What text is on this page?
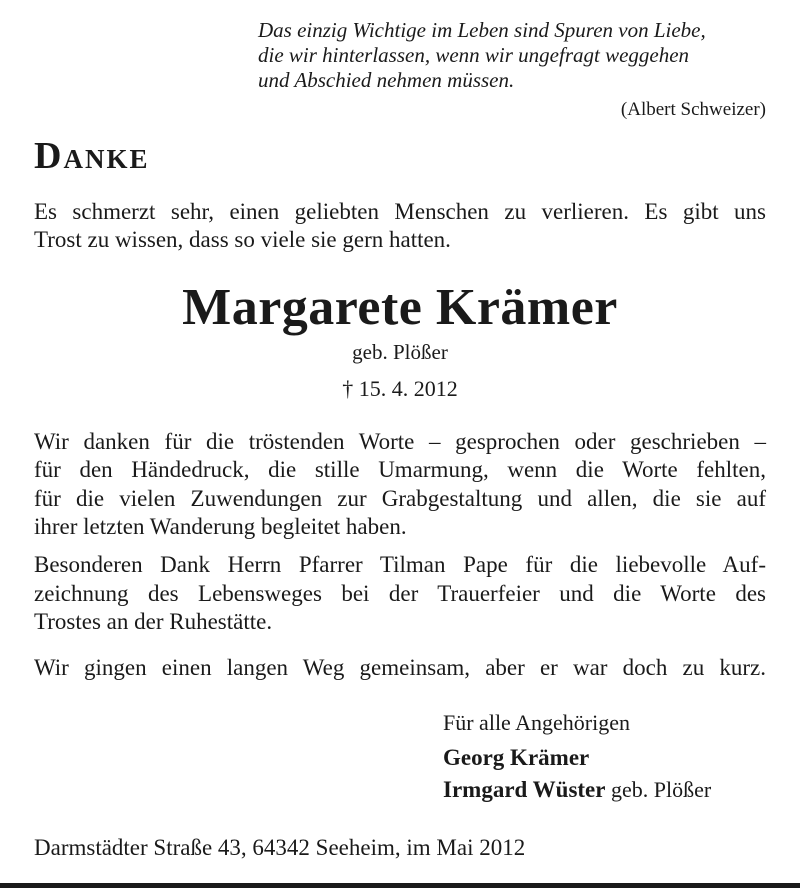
Das einzig Wichtige im Leben sind Spuren von Liebe,
die wir hinterlassen, wenn wir ungefragt weggehen
und Abschied nehmen müssen.
(Albert Schweizer)
Danke
Es schmerzt sehr, einen geliebten Menschen zu verlieren. Es gibt uns
Trost zu wissen, dass so viele sie gern hatten.
Margarete Krämer
geb. Plößer
† 15. 4. 2012
Wir danken für die tröstenden Worte – gesprochen oder geschrieben –
für den Händedruck, die stille Umarmung, wenn die Worte fehlten,
für die vielen Zuwendungen zur Grabgestaltung und allen, die sie auf
ihrer letzten Wanderung begleitet haben.
Besonderen Dank Herrn Pfarrer Tilman Pape für die liebevolle Auf-
zeichnung des Lebensweges bei der Trauerfeier und die Worte des
Trostes an der Ruhestätte.
Wir gingen einen langen Weg gemeinsam, aber er war doch zu kurz.
Für alle Angehörigen
Georg Krämer
Irmgard Wüster geb. Plößer
Darmstädter Straße 43, 64342 Seeheim, im Mai 2012
